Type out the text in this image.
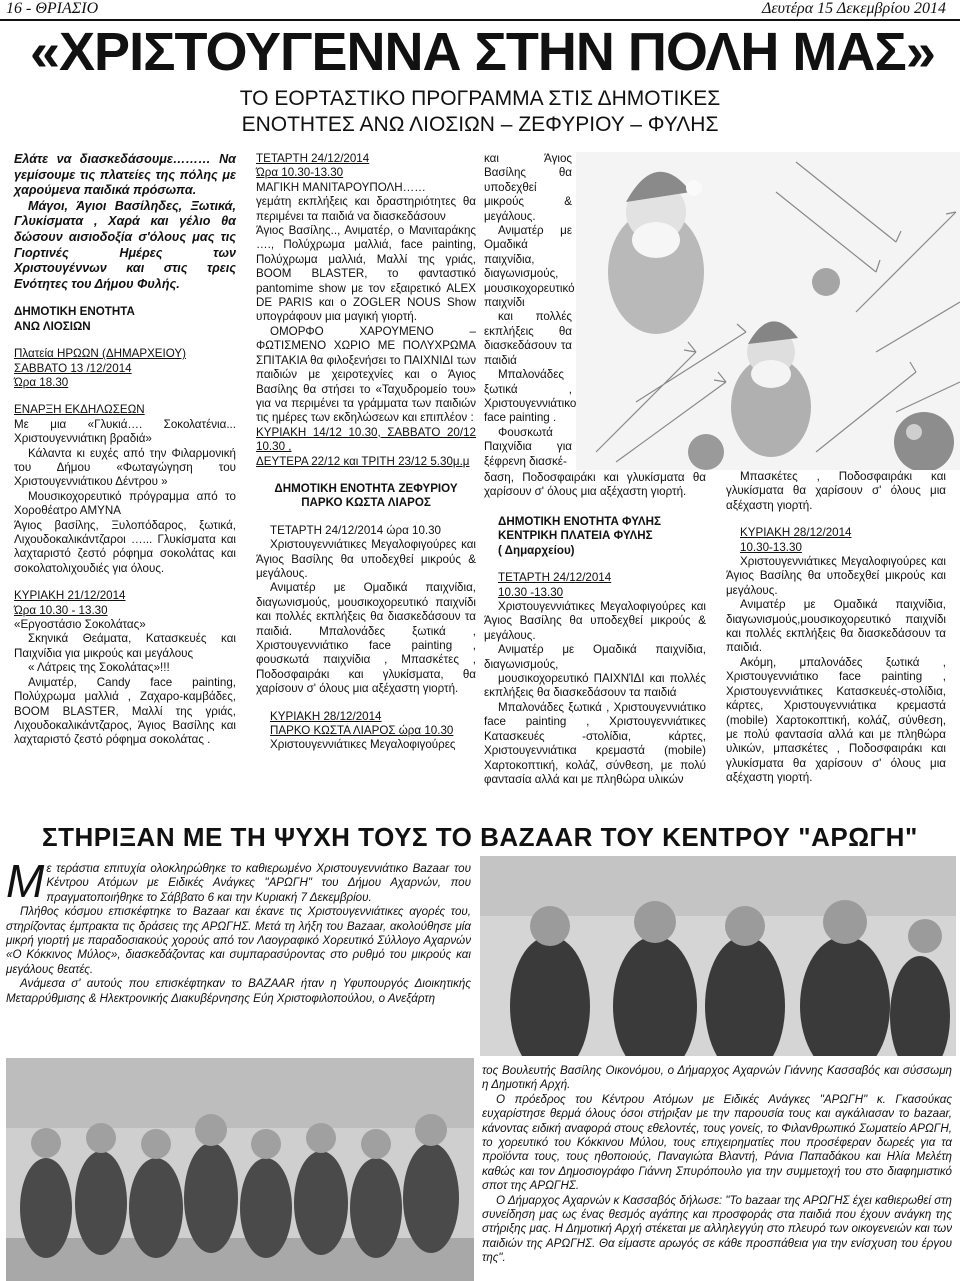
16 - ΘΡΙΑΣΙΟ	Δευτέρα 15 Δεκεμβρίου 2014
«ΧΡΙΣΤΟΥΓΕΝΝΑ ΣΤΗΝ ΠΟΛΗ ΜΑΣ»
ΤΟ ΕΟΡΤΑΣΤΙΚΟ ΠΡΟΓΡΑΜΜΑ ΣΤΙΣ ΔΗΜΟΤΙΚΕΣ
ΕΝΟΤΗΤΕΣ ΑΝΩ ΛΙΟΣΙΩΝ – ΖΕΦΥΡΙΟΥ – ΦΥΛΗΣ

Ελάτε να διασκεδάσουμε……… Να γεμίσουμε τις πλατείες της πόλης με χαρούμενα παιδικά πρόσωπα.

Μάγοι, Άγιοι Βασίληδες, Ξωτικά, Γλυκίσματα , Χαρά και γέλιο θα δώσουν αισιοδοξία σ'όλους μας τις Γιορτινές Ημέρες των Χριστουγέννων και στις τρεις Ενότητες του Δήμου Φυλής.

ΔΗΜΟΤΙΚΗ ΕΝΟΤΗΤΑ

ΑΝΩ ΛΙΟΣΙΩΝ

Πλατεία ΗΡΩΩΝ (ΔΗΜΑΡΧΕΙΟΥ)

ΣΑΒΒΑΤΟ 13 /12/2014

Ώρα 18.30

ΕΝΑΡΞΗ ΕΚΔΗΛΩΣΕΩΝ

Με μια «Γλυκιά…. Σοκολατένια... Χριστουγεννιάτικη βραδιά»

Κάλαντα κι ευχές από την Φιλαρμονική του Δήμου «Φωταγώγηση του Χριστουγεννιάτικου Δέντρου »

Μουσικοχορευτικό πρόγραμμα από το Χοροθέατρο ΑΜΥΝΑ

Άγιος βασίλης, Ξυλοπόδαρος, ξωτικά, Λιχουδοκαλικάντζαροι …... Γλυκίσματα και λαχταριστό ζεστό ρόφημα σοκολάτας και σοκολατολιχουδιές για όλους.

ΚΥΡΙΑΚΗ 21/12/2014

Ώρα 10.30 - 13.30

«Εργοστάσιο Σοκολάτας»

Σκηνικά Θεάματα, Κατασκευές και Παιχνίδια για μικρούς και μεγάλους

« Λάτρεις της Σοκολάτας»!!!

Ανιματέρ, Candy face painting, Πολύχρωμα μαλλιά , Ζαχαρο-καμβάδες, BOOM BLASTER, Μαλλί της γριάς, Λιχουδοκαλικάντζαρος, Άγιος Βασίλης και λαχταριστό ζεστό ρόφημα σοκολάτας .

ΤΕΤΑΡΤΗ 24/12/2014

Ώρα 10.30-13.30

ΜΑΓΙΚΗ ΜΑΝΙΤΑΡΟΥΠΟΛΗ……

γεμάτη εκπλήξεις και δραστηριότητες θα περιμένει τα παιδιά να διασκεδάσουν

Άγιος Βασίλης.., Ανιματέρ, ο Μανιταράκης …., Πολύχρωμα μαλλιά, face painting, Πολύχρωμα μαλλιά, Μαλλί της γριάς, BOOM BLASTER, το φανταστικό pantomime show με τον εξαιρετικό ALEX DE PARIS και ο ZOGLER NOUS Show υπογράφουν μια μαγική γιορτή.

ΟΜΟΡΦΟ ΧΑΡΟΥΜΕΝΟ – ΦΩΤΙΣΜΕΝΟ ΧΩΡΙΟ ΜΕ ΠΟΛΥΧΡΩΜΑ ΣΠΙΤΑΚΙΑ θα φιλοξενήσει το ΠΑΙΧΝΙΔΙ των παιδιών με χειροτεχνίες και ο Άγιος Βασίλης θα στήσει το «Ταχυδρομείο του» για να περιμένει τα γράμματα των παιδιών τις ημέρες των εκδηλώσεων και επιπλέον :

ΚΥΡΙΑΚΗ 14/12 10.30, ΣΑΒΒΑΤΟ 20/12 10.30 ,

ΔΕΥΤΕΡΑ 22/12 και ΤΡΙΤΗ 23/12 5.30μ.μ

ΔΗΜΟΤΙΚΗ ΕΝΟΤΗΤΑ ΖΕΦΥΡΙΟΥ

ΠΑΡΚΟ ΚΩΣΤΑ ΛΙΑΡΟΣ

ΤΕΤΑΡΤΗ 24/12/2014 ώρα 10.30

Χριστουγεννιάτικες Μεγαλοφιγούρες και Άγιος Βασίλης θα υποδεχθεί μικρούς & μεγάλους.

Ανιματέρ με Ομαδικά παιχνίδια, διαγωνισμούς, μουσικοχορευτικό παιχνίδι και πολλές εκπλήξεις θα διασκεδάσουν τα παιδιά. Μπαλονάδες ξωτικά , Χριστουγεννιάτικο face painting , φουσκωτά παιχνίδια , Μπασκέτες , Ποδοσφαιράκι και γλυκίσματα, θα χαρίσουν σ' όλους μια αξέχαστη γιορτή.

ΚΥΡΙΑΚΗ 28/12/2014

ΠΑΡΚΟ ΚΩΣΤΑ ΛΙΑΡΟΣ ώρα 10.30

Χριστουγεννιάτικες Μεγαλοφιγούρες

και Άγιος Βασίλης θα υποδεχθεί μικρούς & μεγάλους.

Ανιματέρ με Ομαδικά παιχνίδια, διαγωνισμούς, μουσικοχορευτικό παιχνίδι

και πολλές εκπλήξεις θα διασκεδάσουν τα παιδιά

Μπαλονάδες ξωτικά , Χριστουγεννιάτικο face painting .

Φουσκωτά Παιχνίδια για ξέφρενη διασκέ-

δαση, Ποδοσφαιράκι και γλυκίσματα θα χαρίσουν σ' όλους μια αξέχαστη γιορτή.

ΔΗΜΟΤΙΚΗ ΕΝΟΤΗΤΑ ΦΥΛΗΣ

ΚΕΝΤΡΙΚΗ ΠΛΑΤΕΙΑ ΦΥΛΗΣ

( Δημαρχείου)

ΤΕΤΑΡΤΗ 24/12/2014

10.30 -13.30

Χριστουγεννιάτικες Μεγαλοφιγούρες και Άγιος Βασίλης θα υποδεχθεί μικρούς & μεγάλους.

Ανιματέρ με Ομαδικά παιχνίδια, διαγωνισμούς,

μουσικοχορευτικό ΠΑΙΧΝΊΔΙ και πολλές εκπλήξεις θα διασκεδάσουν τα παιδιά

Μπαλονάδες ξωτικά , Χριστουγεννιάτικο face painting , Χριστουγεννιάτικες Κατασκευές -στολίδια, κάρτες, Χριστουγεννιάτικα κρεμαστά (mobile) Χαρτοκοπτική, κολάζ, σύνθεση, με πολύ φαντασία αλλά και με πληθώρα υλικών

Μπασκέτες , Ποδοσφαιράκι και γλυκίσματα θα χαρίσουν σ' όλους μια αξέχαστη γιορτή.

ΚΥΡΙΑΚΗ 28/12/2014

10.30-13.30

Χριστουγεννιάτικες Μεγαλοφιγούρες και Άγιος Βασίλης θα υποδεχθεί μικρούς και μεγάλους.

Ανιματέρ με Ομαδικά παιχνίδια, διαγωνισμούς,μουσικοχορευτικό παιχνίδι και πολλές εκπλήξεις θα διασκεδάσουν τα παιδιά.

Ακόμη, μπαλονάδες ξωτικά , Χριστουγεννιάτικο face painting , Χριστουγεννιάτικες Κατασκευές-στολίδια, κάρτες, Χριστουγεννιάτικα κρεμαστά (mobile) Χαρτοκοπτική, κολάζ, σύνθεση, με πολύ φαντασία αλλά και με πληθώρα υλικών, μπασκέτες , Ποδοσφαιράκι και γλυκίσματα θα χαρίσουν σ' όλους μια αξέχαστη γιορτή.

ΣΤΗΡΙΞΑΝ ΜΕ ΤΗ ΨΥΧΗ ΤΟΥΣ ΤΟ BAZAAR ΤΟΥ ΚΕΝΤΡΟΥ "ΑΡΩΓΗ"
Μ ε τεράστια επιτυχία ολοκληρώθηκε το καθιερωμένο Χριστουγεννιάτικο Bazaar του Κέντρου Ατόμων με Ειδικές Ανάγκες "ΑΡΩΓΗ" του Δήμου Αχαρνών, που πραγματοποιήθηκε το Σάββατο 6 και την Κυριακή 7 Δεκεμβρίου.

Πλήθος κόσμου επισκέφτηκε το Bazaar και έκανε τις Χριστουγεννιάτικες αγορές του, στηρίζοντας έμπρακτα τις δράσεις της ΑΡΩΓΗΣ. Μετά τη λήξη του Bazaar, ακολούθησε μία μικρή γιορτή με παραδοσιακούς χορούς από τον Λαογραφικό Χορευτικό Σύλλογο Αχαρνών «Ο Κόκκινος Μύλος», διασκεδάζοντας και συμπαρασύροντας στο ρυθμό του μικρούς και μεγάλους θεατές.

Ανάμεσα σ' αυτούς που επισκέφτηκαν το BAZAAR ήταν η Υφυπουργός Διοικητικής Μεταρρύθμισης & Ηλεκτρονικής Διακυβέρνησης Εύη Χριστοφιλοπούλου, ο Ανεξάρτη

τος Βουλευτής Βασίλης Οικονόμου, ο Δήμαρχος Αχαρνών Γιάννης Κασσαβός και σύσσωμη η Δημοτική Αρχή.

Ο πρόεδρος του Κέντρου Ατόμων με Ειδικές Ανάγκες "ΑΡΩΓΗ" κ. Γκασούκας ευχαρίστησε θερμά όλους όσοι στήριξαν με την παρουσία τους και αγκάλιασαν το bazaar, κάνοντας ειδική αναφορά στους εθελοντές, τους γονείς, το Φιλανθρωπικό Σωματείο ΑΡΩΓΗ, το χορευτικό του Κόκκινου Μύλου, τους επιχειρηματίες που προσέφεραν δωρεές για τα προϊόντα τους, τους ηθοποιούς, Παναγιώτα Βλαντή, Ράνια Παπαδάκου και Ηλία Μελέτη καθώς και τον Δημοσιογράφο Γιάννη Σπυρόπουλο για την συμμετοχή του στο διαφημιστικό σποτ της ΑΡΩΓΗΣ.

Ο Δήμαρχος Αχαρνών κ Κασσαβός δήλωσε: "Το bazaar της ΑΡΩΓΗΣ έχει καθιερωθεί στη συνείδηση μας ως ένας θεσμός αγάπης και προσφοράς στα παιδιά που έχουν ανάγκη της στήριξης μας. Η Δημοτική Αρχή στέκεται με αλληλεγγύη στο πλευρό των οικογενειών και των παιδιών της ΑΡΩΓΗΣ. Θα είμαστε αρωγός σε κάθε προσπάθεια για την ενίσχυση του έργου της".
